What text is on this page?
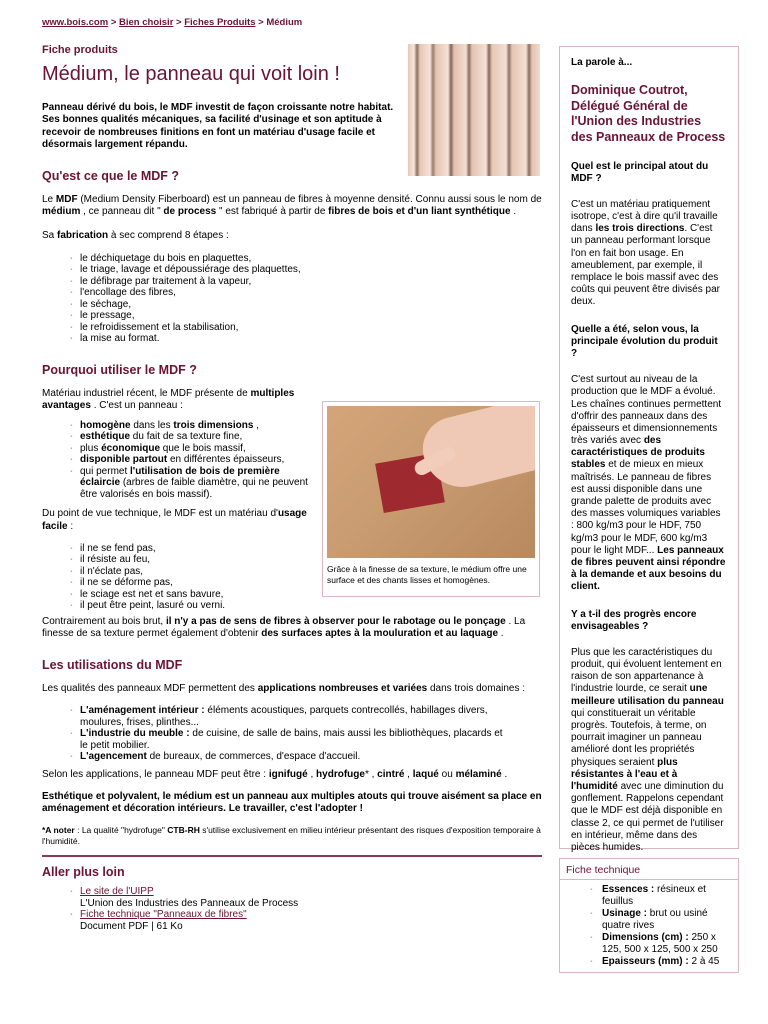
www.bois.com > Bien choisir > Fiches Produits > Médium
Grâce à la finesse de sa texture, le médium offre une surface et des chants lisses et homogènes.
Fiche produits
Médium, le panneau qui voit loin !

Panneau dérivé du bois, le MDF investit de façon croissante notre habitat. Ses bonnes qualités mécaniques, sa facilité d'usinage et son aptitude à recevoir de nombreuses finitions en font un matériau d'usage facile et désormais largement répandu.

Qu'est ce que le MDF ?

Le MDF (Medium Density Fiberboard) est un panneau de fibres à moyenne densité. Connu aussi sous le nom de médium , ce panneau dit " de process " est fabriqué à partir de fibres de bois et d'un liant synthétique .

Sa fabrication à sec comprend 8 étapes :

. le déchiquetage du bois en plaquettes,
. le triage, lavage et dépoussiérage des plaquettes,
. le défibrage par traitement à la vapeur,
. l'encollage des fibres,
. le séchage,
. le pressage,
. le refroidissement et la stabilisation,
. la mise au format.
Pourquoi utiliser le MDF ?

Matériau industriel récent, le MDF présente de multiples avantages . C'est un panneau :

. homogène dans les trois dimensions ,
. esthétique du fait de sa texture fine,
. plus économique que le bois massif,
. disponible partout en différentes épaisseurs,
. qui permet l'utilisation de bois de première éclaircie (arbres de faible diamètre, qui ne peuvent être valorisés en bois massif).

Du point de vue technique, le MDF est un matériau d'usage facile :

. il ne se fend pas,
. il résiste au feu,
. il n'éclate pas,
. il ne se déforme pas,
. le sciage est net et sans bavure,
. il peut être peint, lasuré ou verni.

Contrairement au bois brut, il n'y a pas de sens de fibres à observer pour le rabotage ou le ponçage . La finesse de sa texture permet également d'obtenir des surfaces aptes à la mouluration et au laquage .

Les utilisations du MDF

Les qualités des panneaux MDF permettent des applications nombreuses et variées dans trois domaines :

. L'aménagement intérieur : éléments acoustiques, parquets contrecollés, habillages divers, moulures, frises, plinthes...
. L'industrie du meuble : de cuisine, de salle de bains, mais aussi les bibliothèques, placards et le petit mobilier.
. L'agencement de bureaux, de commerces, d'espace d'accueil.

Selon les applications, le panneau MDF peut être : ignifugé , hydrofuge* , cintré , laqué ou mélaminé .

Esthétique et polyvalent, le médium est un panneau aux multiples atouts qui trouve aisément sa place en aménagement et décoration intérieurs. Le travailler, c'est l'adopter !

*A noter : La qualité "hydrofuge" CTB-RH s'utilise exclusivement en milieu intérieur présentant des risques d'exposition temporaire à l'humidité.

Aller plus loin
. Le site de l'UIPP
L'Union des Industries des Panneaux de Process
. Fiche technique "Panneaux de fibres"
Document PDF | 61 Ko
La parole à...
Dominique Coutrot, Délégué Général de l'Union des Industries des Panneaux de Process
Quel est le principal atout du MDF ?
C'est un matériau pratiquement isotrope, c'est à dire qu'il travaille dans les trois directions. C'est un panneau performant lorsque l'on en fait bon usage. En ameublement, par exemple, il remplace le bois massif avec des coûts qui peuvent être divisés par deux.
Quelle a été, selon vous, la principale évolution du produit ?
C'est surtout au niveau de la production que le MDF a évolué. Les chaînes continues permettent d'offrir des panneaux dans des épaisseurs et dimensionnements très variés avec des caractéristiques de produits stables et de mieux en mieux maîtrisés. Le panneau de fibres est aussi disponible dans une grande palette de produits avec des masses volumiques variables : 800 kg/m3 pour le HDF, 750 kg/m3 pour le MDF, 600 kg/m3 pour le light MDF... Les panneaux de fibres peuvent ainsi répondre à la demande et aux besoins du client.
Y a t-il des progrès encore envisageables ?
Plus que les caractéristiques du produit, qui évoluent lentement en raison de son appartenance à l'industrie lourde, ce serait une meilleure utilisation du panneau qui constituerait un véritable progrès. Toutefois, à terme, on pourrait imaginer un panneau amélioré dont les propriétés physiques seraient plus résistantes à l'eau et à l'humidité avec une diminution du gonflement. Rappelons cependant que le MDF est déjà disponible en classe 2, ce qui permet de l'utiliser en intérieur, même dans des pièces humides.
Fiche technique
. Essences : résineux et feuillus
. Usinage : brut ou usiné quatre rives
. Dimensions (cm) : 250 x 125, 500 x 125, 500 x 250
. Epaisseurs (mm) : 2 à 45
